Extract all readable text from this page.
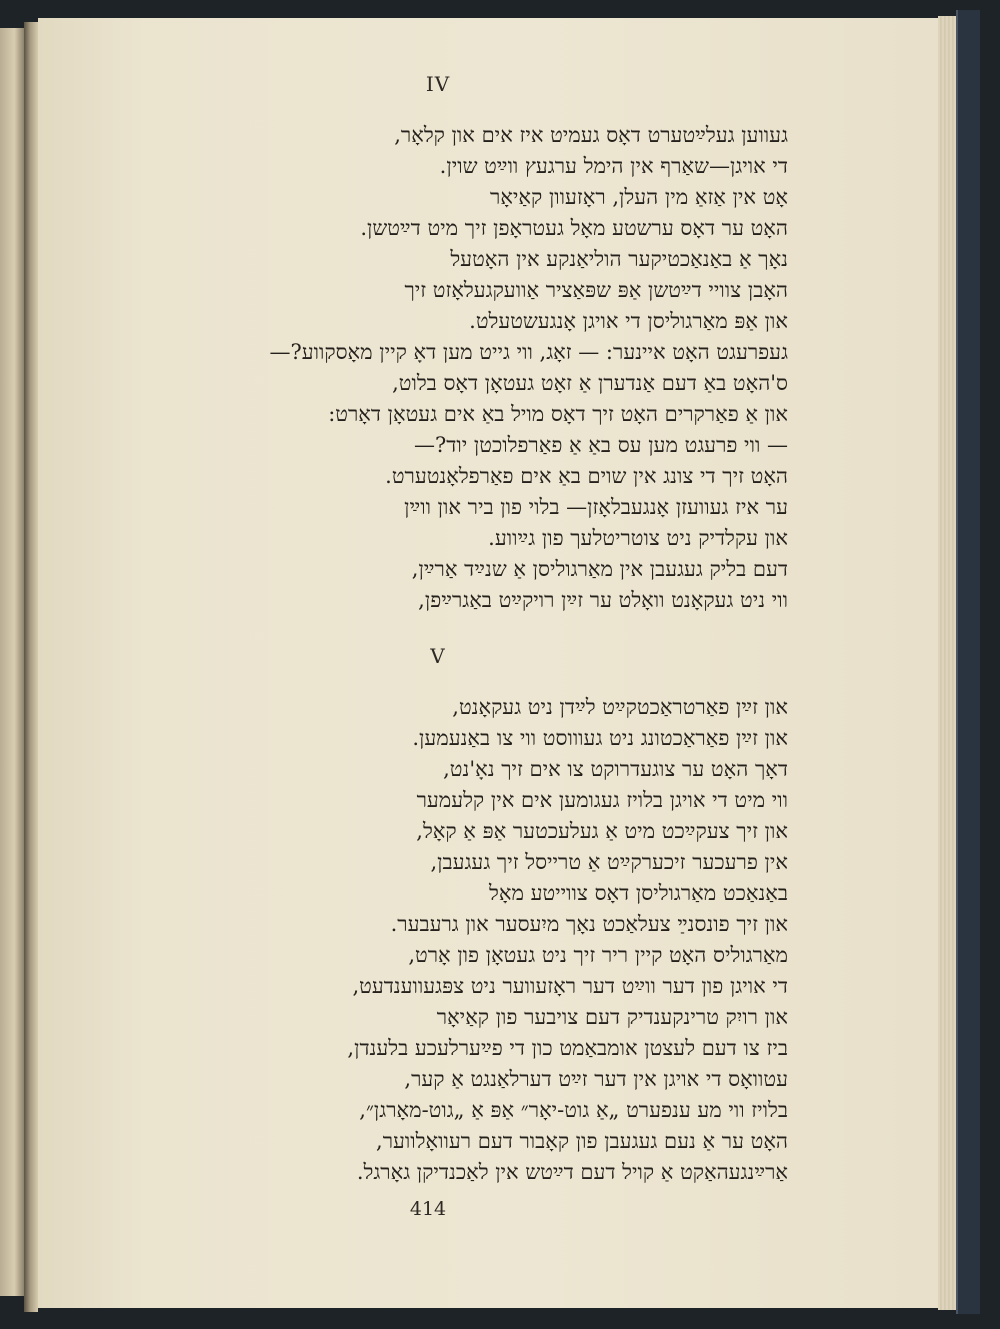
IV
געווען געלײַטערט דאָס געמיט איז אים און קלאָר,
די אויגן—שאַרף אין הימל ערגעץ ווײַט שוין.
אָט אין אַזאַ מין העלן, ראָזעוון קאַיאָר
האָט ער דאָס ערשטע מאָל געטראָפן זיך מיט דײַטשן.
נאָך אַ באַנאַכטיקער הוליאַנקע אין האָטעל
האָבן צוויי דײַטשן אַפּ שפּאַציר אַוועקגעלאָזט זיך
און אַפּ מאַרגוליסן די אויגן אָנגעשטעלט.
געפרעגט האָט איינער: — זאָג, ווי גייט מען דאָ קיין מאָסקווע?—
ס'האָט באַ דעם אַנדערן אַ זאָט געטאָן דאָס בלוט,
און אַ פאַרקרים האָט זיך דאָס מויל באַ אים געטאָן דאָרט:
— ווי פרעגט מען עס באַ אַ פאַרפלוכטן יוד?—
האָט זיך די צונג אין שוים באַ אים פאַרפלאָנטערט.
ער איז געוועזן אָנגעבלאָזן— בלוי פון ביר און ווײַן
און עקלדיק ניט צוטריטלעך פון גײַווע.
דעם בליק געגעבן אין מאַרגוליסן אַ שנײַד אַרײַן,
ווי ניט געקאָנט וואָלט ער זײַן רויקײַט באַגרײַפן,
V
און זײַן פאַרטראַכטקײַט לײַדן ניט געקאָנט,
און זײַן פאַראַכטונג ניט געוווסט ווי צו באַנעמען.
דאָך האָט ער צוגעדרוקט צו אים זיך נאָ'נט,
ווי מיט די אויגן בלויז געגומען אים אין קלעמער
און זיך צעקײַכט מיט אַ געלעכטער אַפּ אַ קאָל,
אין פרעכער זיכערקײַט אַ טרייסל זיך געגעבן,
באַנאַכט מאַרגוליסן דאָס צווייטע מאָל
און זיך פונסנײַ צעלאַכט נאָך מיִעסער און גרעבער.
מאַרגוליס האָט קיין ריר זיך ניט געטאָן פון אָרט,
די אויגן פון דער ווײַט דער ראָזעווער ניט צפּגעווענדעט,
און רויִק טרינקענדיק דעם צויבער פון קאַיאָר
ביז צו דעם לעצטן אומבאַמט כון די פײַערלעכע בלענדן,
עטוואָס די אויגן אין דער זײַט דערלאַנגט אַ קער,
בלויז ווי מע ענפערט „אַ גוט-יאָר״ אַפּ אַ „גוט-מאָרגן״,
האָט ער אַ נעם געגעבן פון קאָבור דעם רעוואָלווער,
אַרײַנגעהאַקט אַ קויל דעם דײַטש אין לאַכנדיקן גאָרגל.
414
